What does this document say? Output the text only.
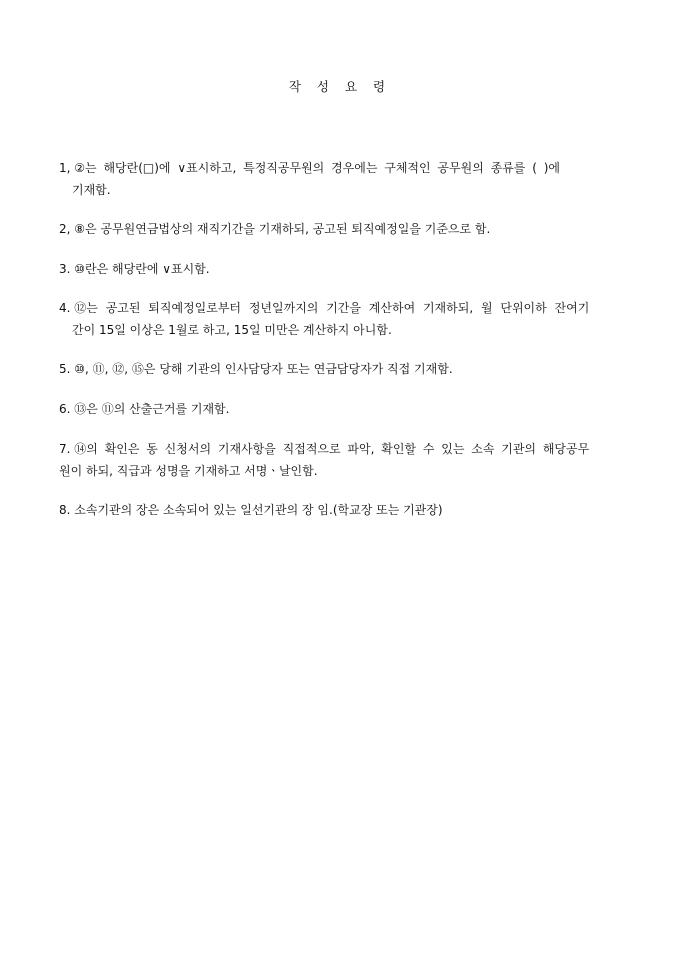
작 성 요 령
1, ②는 해당란(□)에 ∨표시하고, 특정직공무원의 경우에는 구체적인 공무원의 종류를 ( )에
기재함.
2, ⑧은 공무원연금법상의 재직기간을 기재하되, 공고된 퇴직예정일을 기준으로 함.
3. ⑩란은 해당란에 ∨표시함.
4. ⑫는 공고된 퇴직예정일로부터 정년일까지의 기간을 계산하여 기재하되, 월 단위이하 잔여기
간이 15일 이상은 1월로 하고, 15일 미만은 계산하지 아니함.
5. ⑩, ⑪, ⑫, ⑮은 당해 기관의 인사담당자 또는 연금담당자가 직접 기재함.
6. ⑬은 ⑪의 산출근거를 기재함.
7. ⑭의 확인은 동 신청서의 기재사항을 직접적으로 파악, 확인할 수 있는 소속 기관의 해당공무
원이 하되, 직급과 성명을 기재하고 서명ㆍ날인함.
8. 소속기관의 장은 소속되어 있는 일선기관의 장 임.(학교장 또는 기관장)
